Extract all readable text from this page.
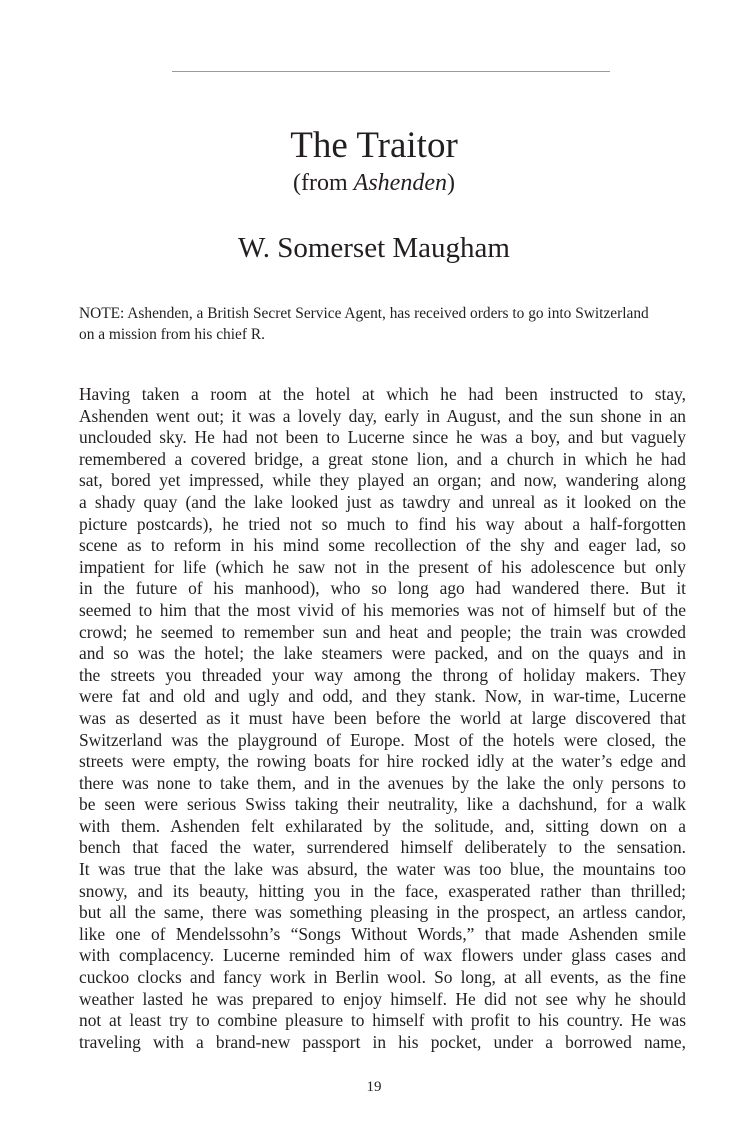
The Traitor
(from Ashenden)
W. Somerset Maugham

NOTE: Ashenden, a British Secret Service Agent, has received orders to go into Switzerland
on a mission from his chief R.

Having taken a room at the hotel at which he had been instructed to stay,
Ashenden went out; it was a lovely day, early in August, and the sun shone in an
unclouded sky. He had not been to Lucerne since he was a boy, and but vaguely
remembered a covered bridge, a great stone lion, and a church in which he had
sat, bored yet impressed, while they played an organ; and now, wandering along
a shady quay (and the lake looked just as tawdry and unreal as it looked on the
picture postcards), he tried not so much to find his way about a half-forgotten
scene as to reform in his mind some recollection of the shy and eager lad, so
impatient for life (which he saw not in the present of his adolescence but only
in the future of his manhood), who so long ago had wandered there. But it
seemed to him that the most vivid of his memories was not of himself but of the
crowd; he seemed to remember sun and heat and people; the train was crowded
and so was the hotel; the lake steamers were packed, and on the quays and in
the streets you threaded your way among the throng of holiday makers. They
were fat and old and ugly and odd, and they stank. Now, in war-time, Lucerne
was as deserted as it must have been before the world at large discovered that
Switzerland was the playground of Europe. Most of the hotels were closed, the
streets were empty, the rowing boats for hire rocked idly at the water’s edge and
there was none to take them, and in the avenues by the lake the only persons to
be seen were serious Swiss taking their neutrality, like a dachshund, for a walk
with them. Ashenden felt exhilarated by the solitude, and, sitting down on a
bench that faced the water, surrendered himself deliberately to the sensation.
It was true that the lake was absurd, the water was too blue, the mountains too
snowy, and its beauty, hitting you in the face, exasperated rather than thrilled;
but all the same, there was something pleasing in the prospect, an artless candor,
like one of Mendelssohn’s “Songs Without Words,” that made Ashenden smile
with complacency. Lucerne reminded him of wax flowers under glass cases and
cuckoo clocks and fancy work in Berlin wool. So long, at all events, as the fine
weather lasted he was prepared to enjoy himself. He did not see why he should
not at least try to combine pleasure to himself with profit to his country. He was
traveling with a brand-new passport in his pocket, under a borrowed name,
19
